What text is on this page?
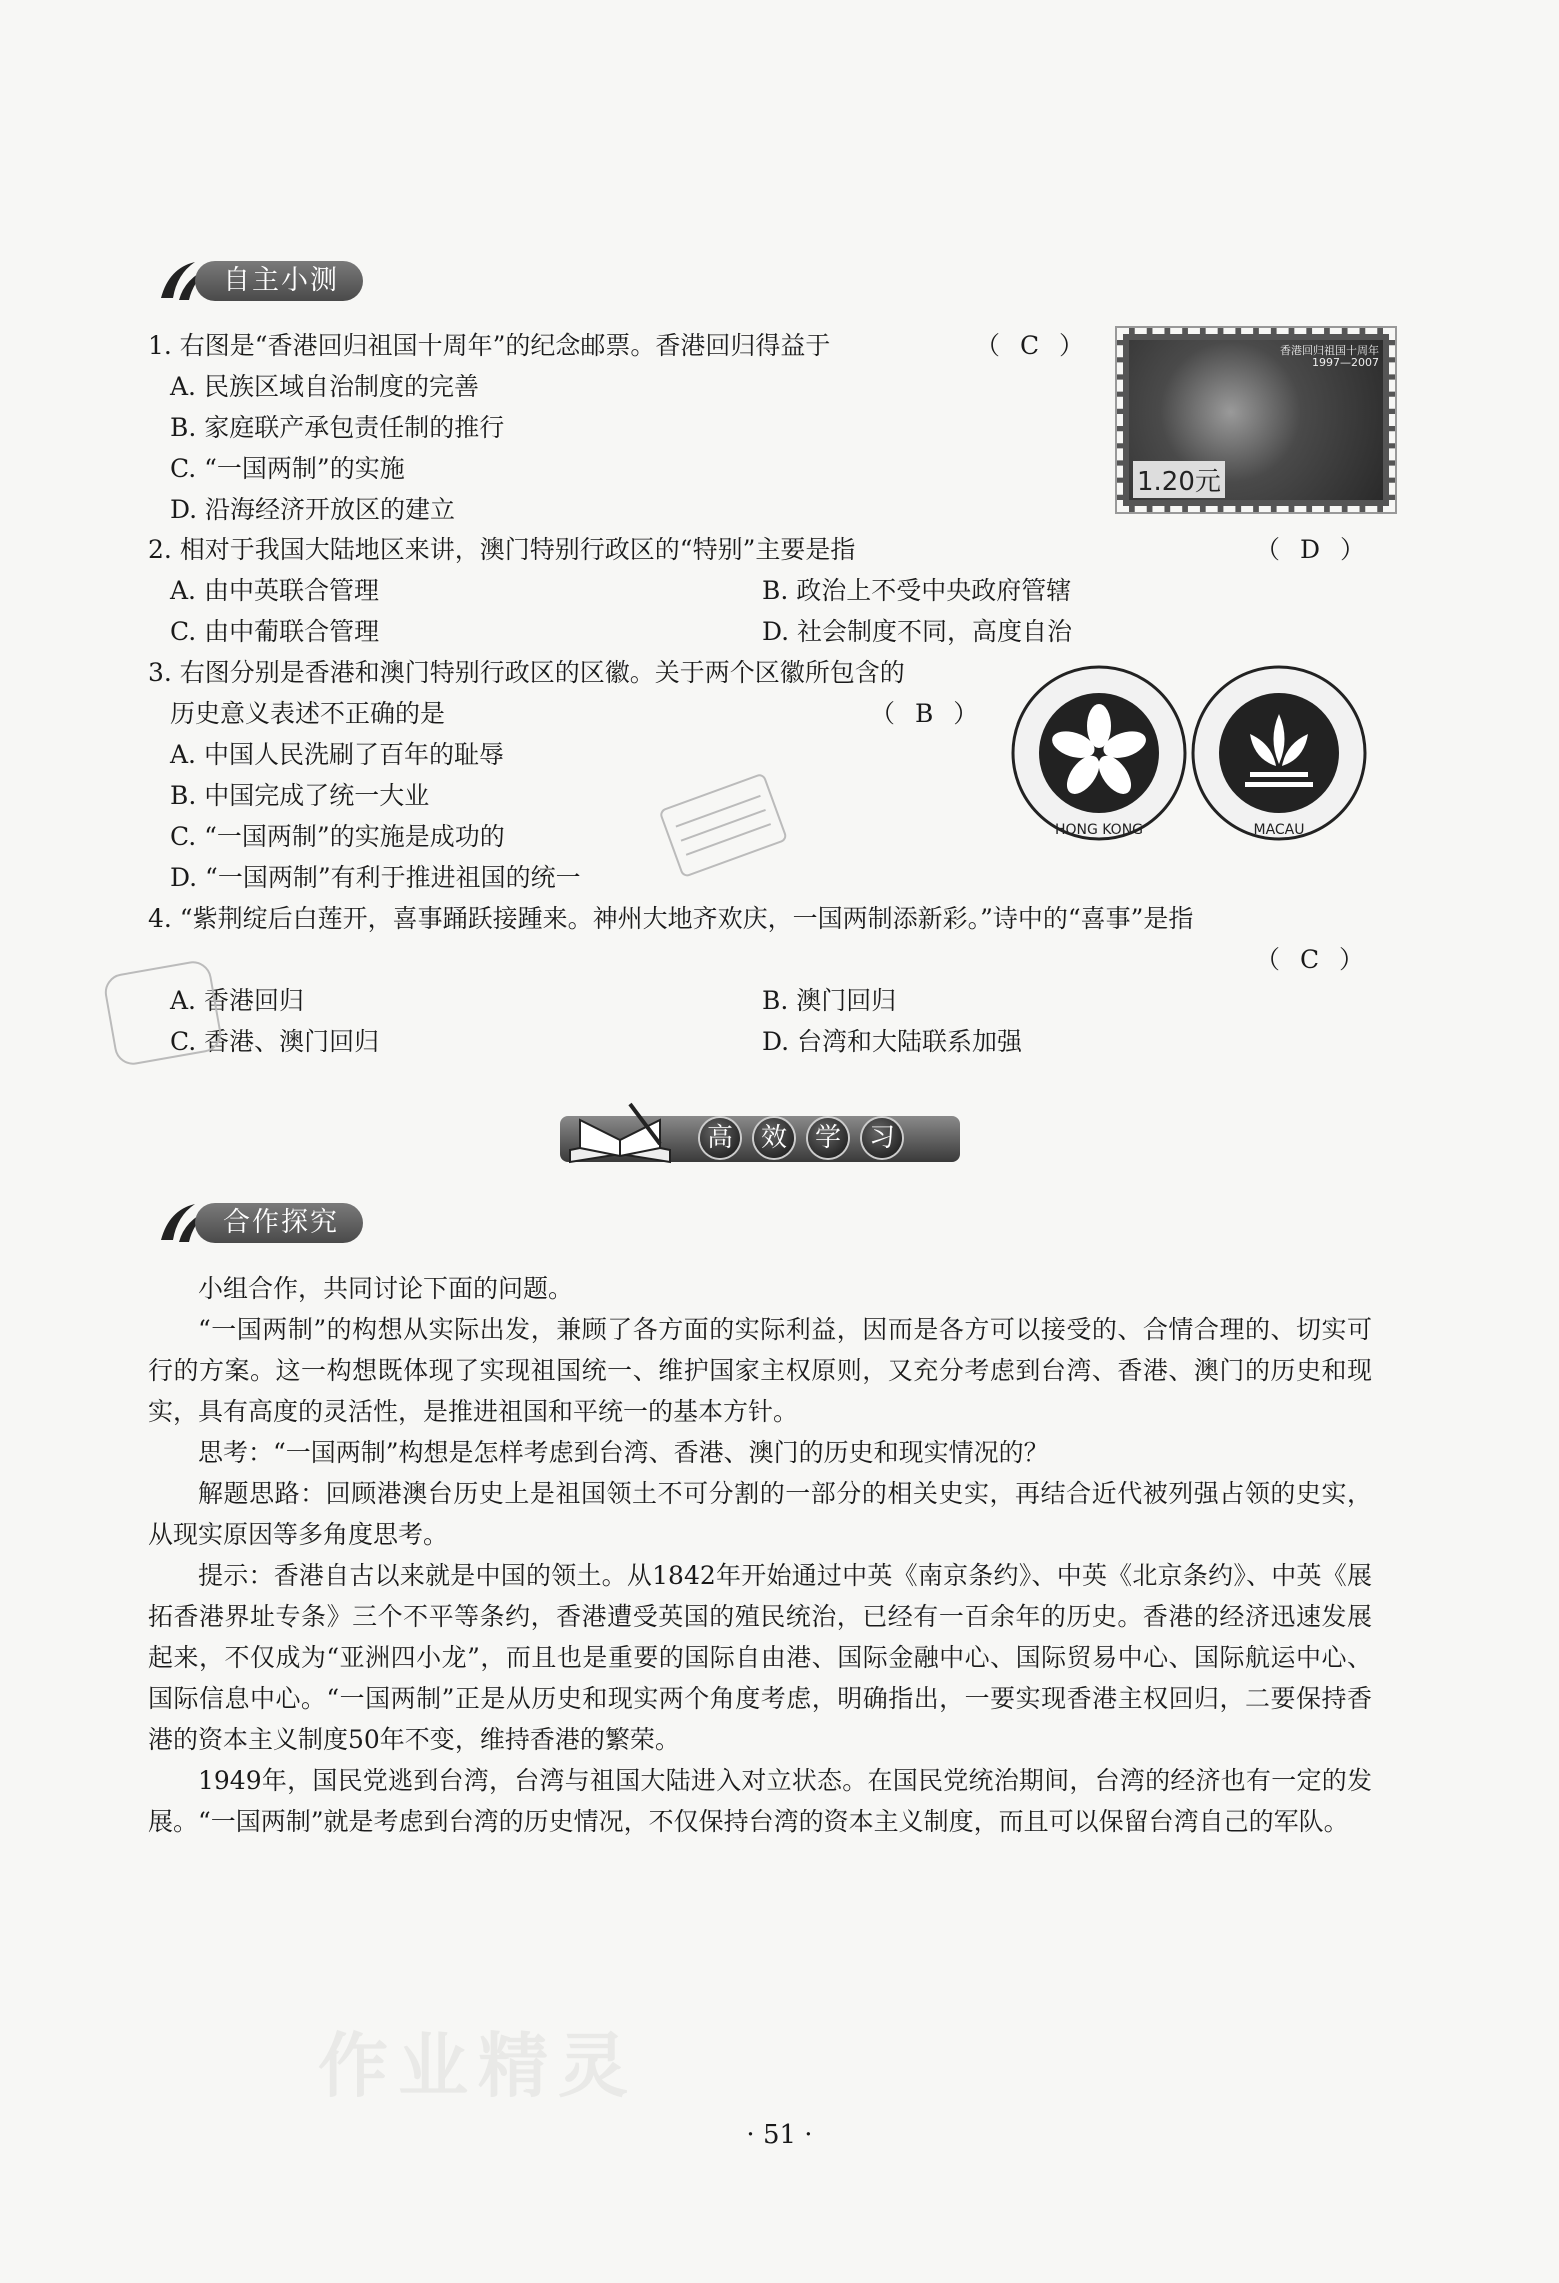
自主小测
1. 右图是“香港回归祖国十周年”的纪念邮票。香港回归得益于	（ C ）
A. 民族区域自治制度的完善
B. 家庭联产承包责任制的推行
C. “一国两制”的实施
D. 沿海经济开放区的建立
香港回归祖国十周年
1997—2007
1.20元
2. 相对于我国大陆地区来讲，澳门特别行政区的“特别”主要是指	（ D ）
A. 由中英联合管理	B. 政治上不受中央政府管辖
C. 由中葡联合管理	D. 社会制度不同，高度自治
3. 右图分别是香港和澳门特别行政区的区徽。关于两个区徽所包含的
历史意义表述不正确的是	（ B ）
A. 中国人民洗刷了百年的耻辱
B. 中国完成了统一大业
C. “一国两制”的实施是成功的
D. “一国两制”有利于推进祖国的统一
HONG KONG	MACAU
4. “紫荆绽后白莲开，喜事踊跃接踵来。神州大地齐欢庆，一国两制添新彩。”诗中的“喜事”是指
（ C ）
A. 香港回归	B. 澳门回归
C. 香港、澳门回归	D. 台湾和大陆联系加强
高 效 学 习
合作探究

小组合作，共同讨论下面的问题。

“一国两制”的构想从实际出发，兼顾了各方面的实际利益，因而是各方可以接受的、合情合理的、切实可行的方案。这一构想既体现了实现祖国统一、维护国家主权原则，又充分考虑到台湾、香港、澳门的历史和现实，具有高度的灵活性，是推进祖国和平统一的基本方针。

思考：“一国两制”构想是怎样考虑到台湾、香港、澳门的历史和现实情况的？

解题思路：回顾港澳台历史上是祖国领土不可分割的一部分的相关史实，再结合近代被列强占领的史实，从现实原因等多角度思考。

提示：香港自古以来就是中国的领土。从1842年开始通过中英《南京条约》、中英《北京条约》、中英《展拓香港界址专条》三个不平等条约，香港遭受英国的殖民统治，已经有一百余年的历史。香港的经济迅速发展起来，不仅成为“亚洲四小龙”，而且也是重要的国际自由港、国际金融中心、国际贸易中心、国际航运中心、国际信息中心。“一国两制”正是从历史和现实两个角度考虑，明确指出，一要实现香港主权回归，二要保持香港的资本主义制度50年不变，维持香港的繁荣。

1949年，国民党逃到台湾，台湾与祖国大陆进入对立状态。在国民党统治期间，台湾的经济也有一定的发展。“一国两制”就是考虑到台湾的历史情况，不仅保持台湾的资本主义制度，而且可以保留台湾自己的军队。

作业精灵
· 51 ·
